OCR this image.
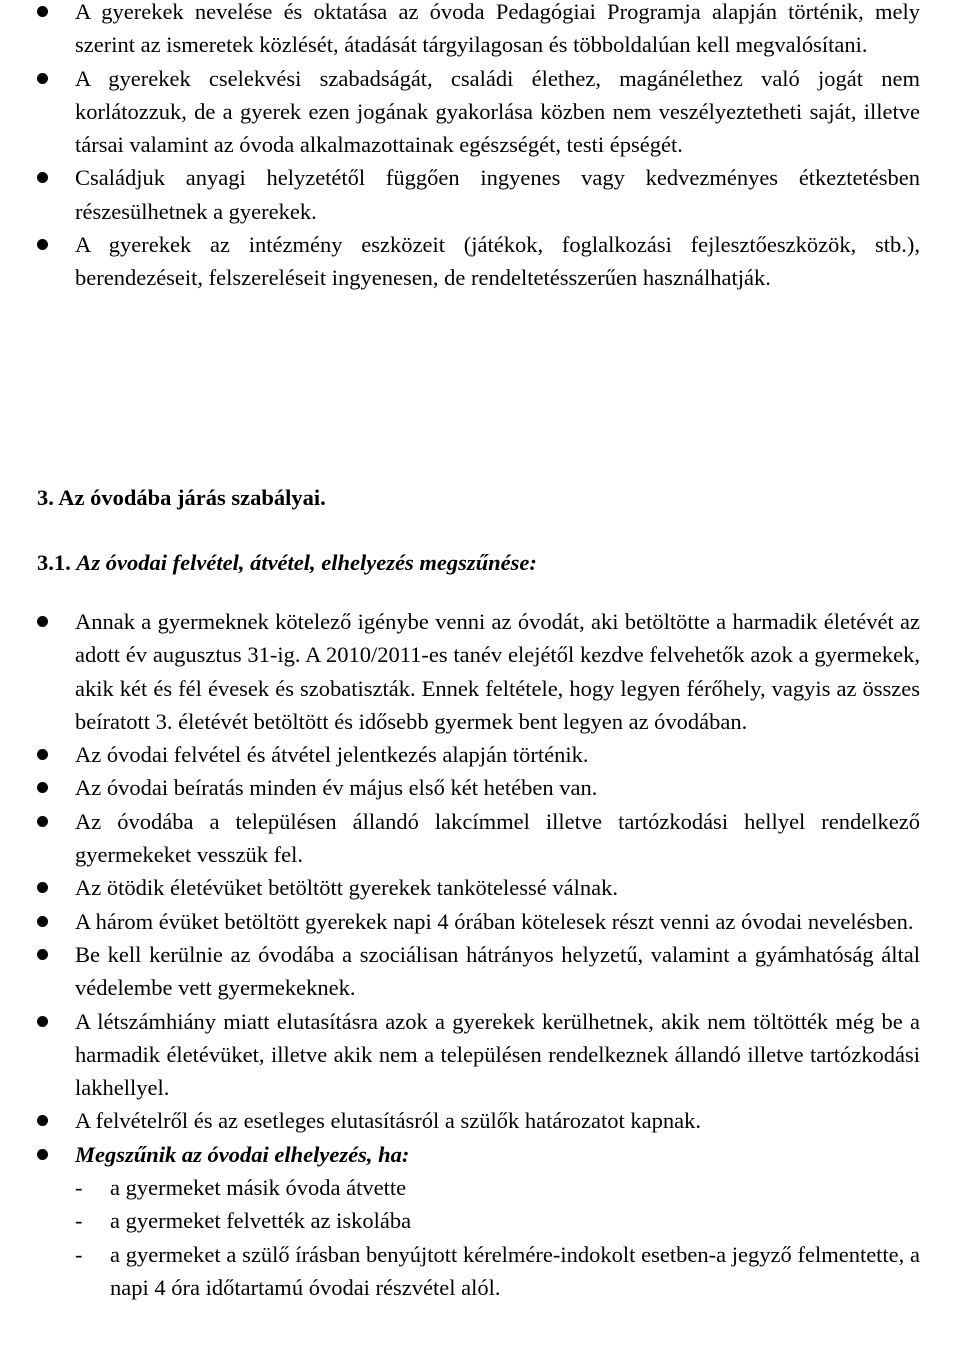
A gyerekek nevelése és oktatása az óvoda Pedagógiai Programja alapján történik, mely szerint az ismeretek közlését, átadását tárgyilagosan és többoldalúan kell megvalósítani.
A gyerekek cselekvési szabadságát, családi élethez, magánélethez való jogát nem korlátozzuk, de a gyerek ezen jogának gyakorlása közben nem veszélyeztetheti saját, illetve társai valamint az óvoda alkalmazottainak egészségét, testi épségét.
Családjuk anyagi helyzetétől függően ingyenes vagy kedvezményes étkeztetésben részesülhetnek a gyerekek.
A gyerekek az intézmény eszközeit (játékok, foglalkozási fejlesztőeszközök, stb.), berendezéseit, felszereléseit ingyenesen, de rendeltetésszerűen használhatják.
3. Az óvodába járás szabályai.
3.1. Az óvodai felvétel, átvétel, elhelyezés megszűnése:
Annak a gyermeknek kötelező igénybe venni az óvodát, aki betöltötte a harmadik életévét az adott év augusztus 31-ig. A 2010/2011-es tanév elejétől kezdve felvehetők azok a gyermekek, akik két és fél évesek és szobatiszták. Ennek feltétele, hogy legyen férőhely, vagyis az összes beíratott 3. életévét betöltött és idősebb gyermek bent legyen az óvodában.
Az óvodai felvétel és átvétel jelentkezés alapján történik.
Az óvodai beíratás minden év május első két hetében van.
Az óvodába a településen állandó lakcímmel illetve tartózkodási hellyel rendelkező gyermekeket vesszük fel.
Az ötödik életévüket betöltött gyerekek tankötelessé válnak.
A három évüket betöltött gyerekek napi 4 órában kötelesek részt venni az óvodai nevelésben.
Be kell kerülnie az óvodába a szociálisan hátrányos helyzetű, valamint a gyámhatóság által védelembe vett gyermekeknek.
A létszámhiány miatt elutasításra azok a gyerekek kerülhetnek, akik nem töltötték még be a harmadik életévüket, illetve akik nem a településen rendelkeznek állandó illetve tartózkodási lakhellyel.
A felvételről és az esetleges elutasításról a szülők határozatot kapnak.
Megszűnik az óvodai elhelyezés, ha:
- a gyermeket másik óvoda átvette
- a gyermeket felvették az iskolába
- a gyermeket a szülő írásban benyújtott kérelmére-indokolt esetben-a jegyző felmentette, a napi 4 óra időtartamú óvodai részvétel alól.
